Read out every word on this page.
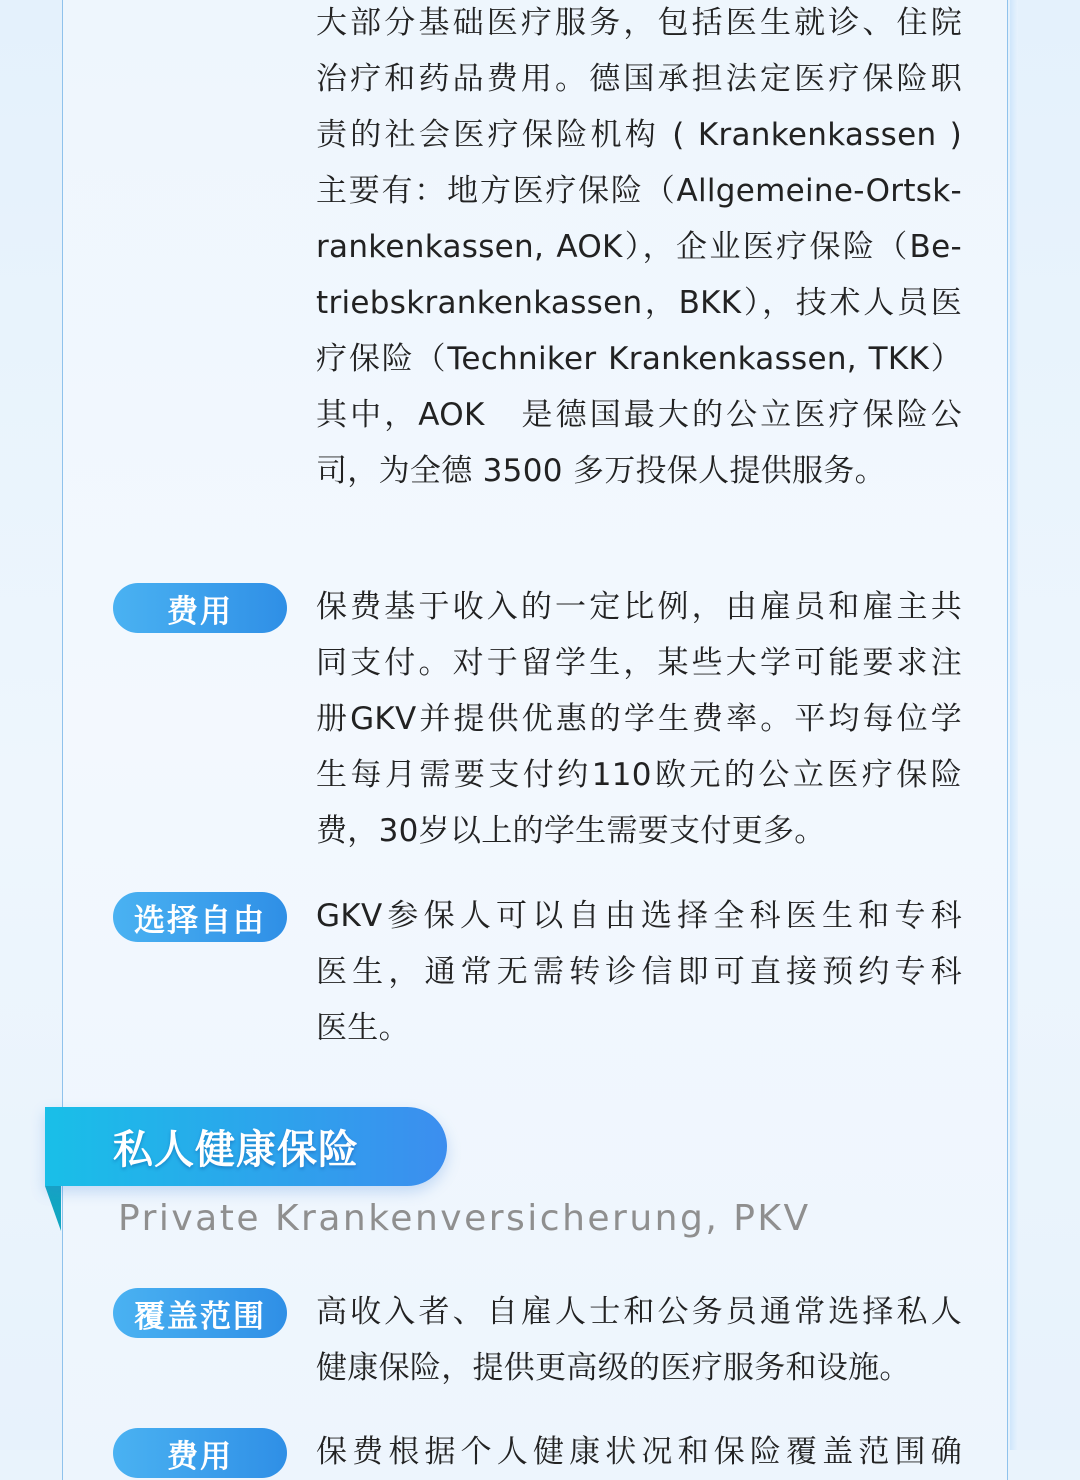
大部分基础医疗服务，包括医生就诊、住院
治疗和药品费用。德国承担法定医疗保险职
责的社会医疗保险机构 ( Krankenkassen )
主要有：地方医疗保险（Allgemeine-Ortsk-
rankenkassen, AOK），企业医疗保险（Be-
triebskrankenkassen，BKK），技术人员医
疗保险（Techniker Krankenkassen, TKK）
其中，AOK　是德国最大的公立医疗保险公
司，为全德 3500 多万投保人提供服务。
费用	保费基于收入的一定比例，由雇员和雇主共
同支付。对于留学生，某些大学可能要求注
册GKV并提供优惠的学生费率。平均每位学
生每月需要支付约110欧元的公立医疗保险
费，30岁以上的学生需要支付更多。
选择自由	GKV参保人可以自由选择全科医生和专科
医生，通常无需转诊信即可直接预约专科
医生。
私人健康保险
Private Krankenversicherung, PKV
覆盖范围	高收入者、自雇人士和公务员通常选择私人
健康保险，提供更高级的医疗服务和设施。
费用	保费根据个人健康状况和保险覆盖范围确
